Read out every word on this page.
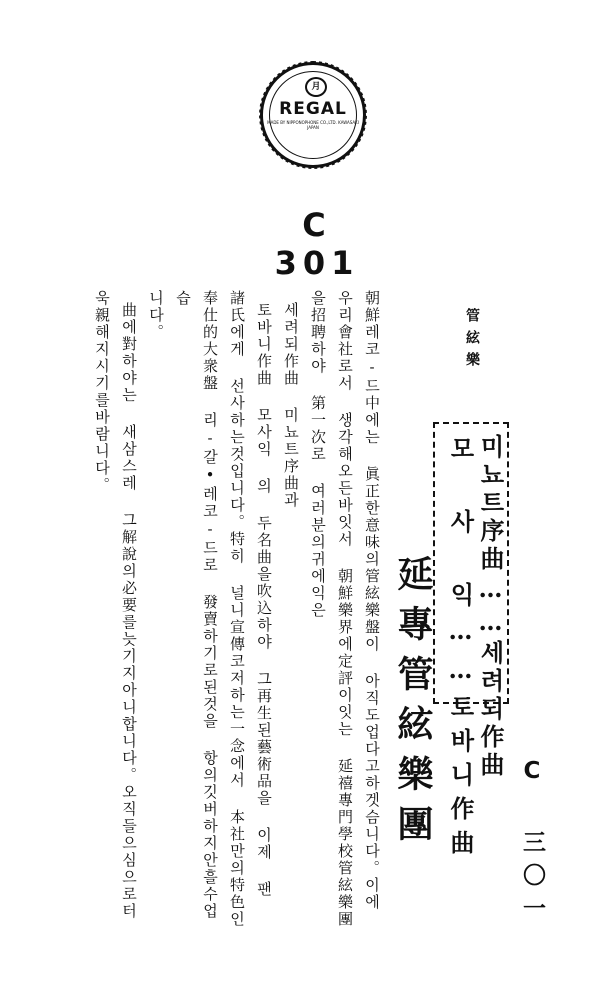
月
REGAL
MADE BY NIPPONOPHONE CO.,LTD. KAWASAKI JAPAN
C 301

管絃樂

미뇨트序曲……세려되作曲

모 사 익……토바니作曲

延專管絃樂團	C 三〇一

朝鮮레코-드中에는 眞正한意味의管絃樂盤이 아직도업다고하겟슴니다。이에
우리會社로서 생각해오든바잇서 朝鮮樂界에定評이잇는 延禧專門學校管絃樂團
을招聘하야 第一次로 여러분의귀에익은
세려되作曲 미뇨트序曲과
토바니作曲 모사익 의 두名曲을吹込하야 그再生된藝術品을 이제 팬
諸氏에게 선사하는것입니다。特히 널니宣傳코저하는一念에서 本社만의特色인
奉仕的大衆盤 리-갈•레코-드로 發賣하기로된것을 항의깃버하지안흘수업습
니다。
曲에對하야는 새삼스레 그解說의必要를늣기지아니합니다。오직들으심으로터
욱親해지시기를바람니다。
